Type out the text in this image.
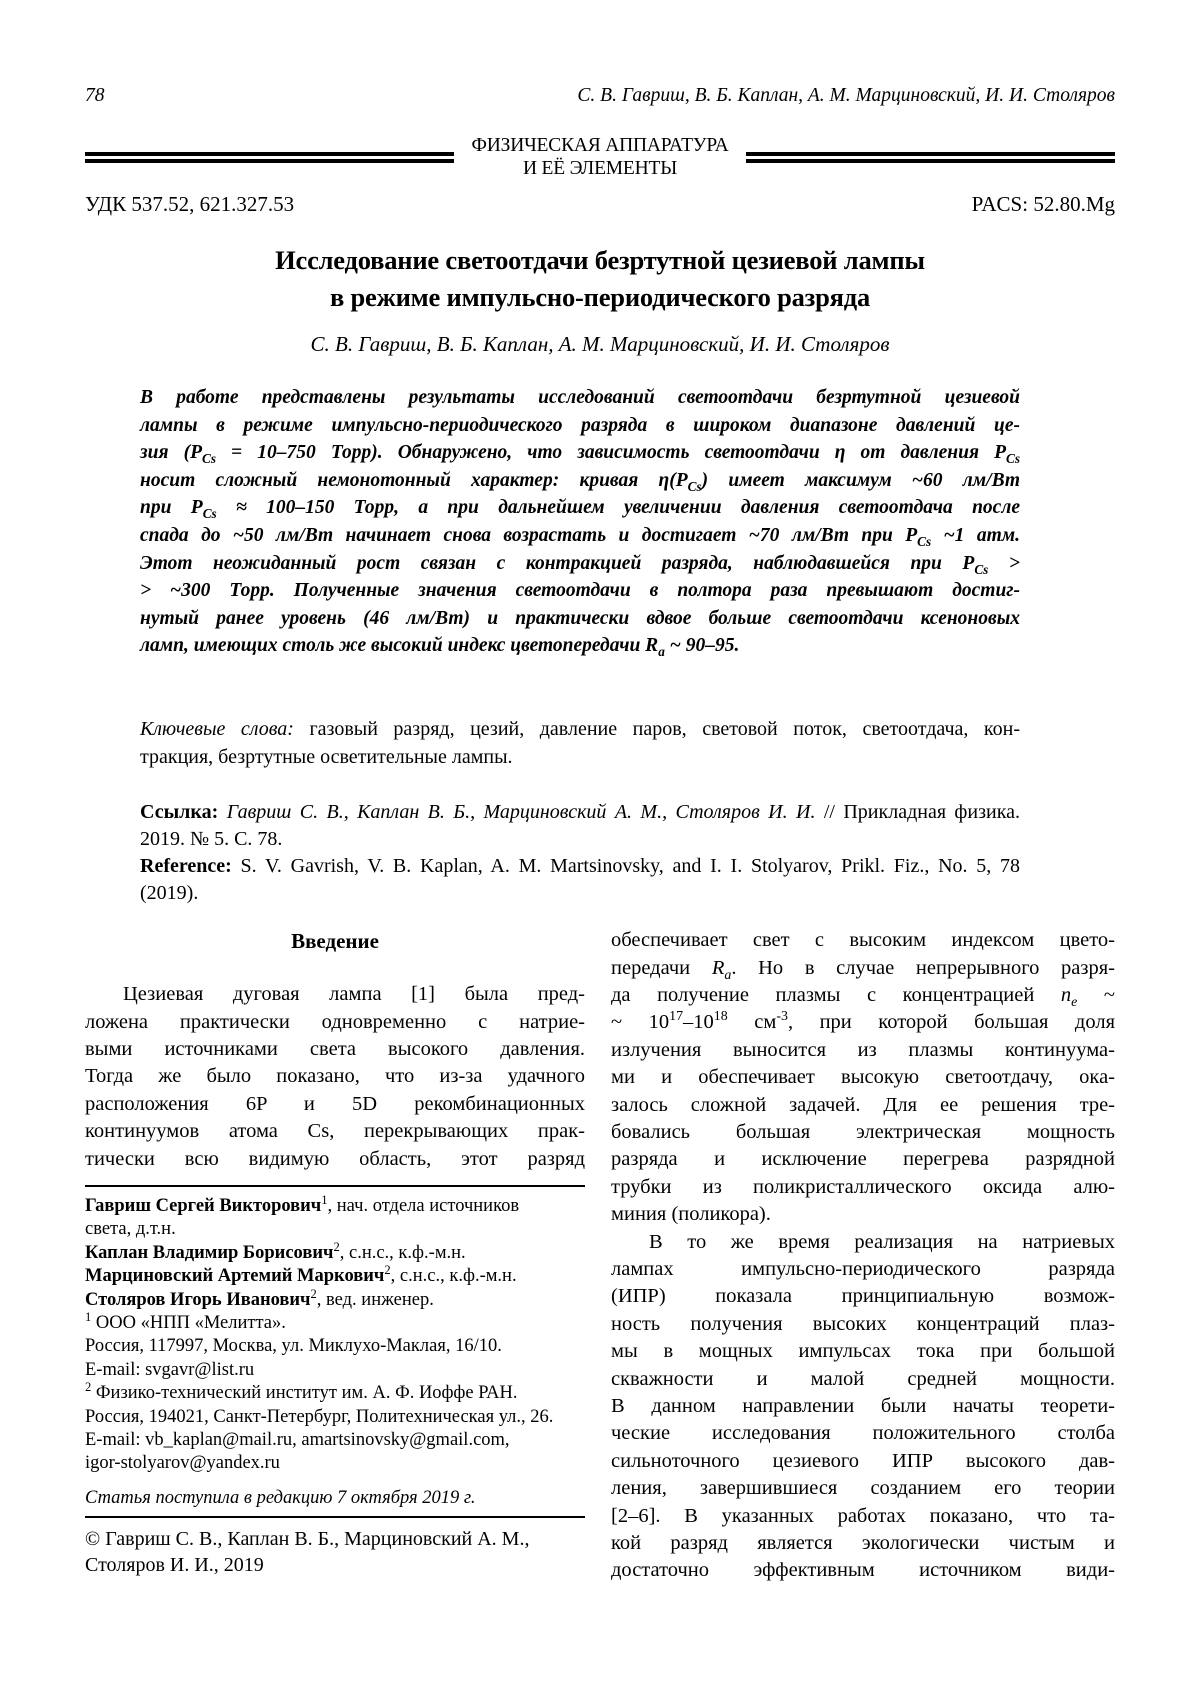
78	С. В. Гавриш, В. Б. Каплан, А. М. Марциновский, И. И. Столяров
ФИЗИЧЕСКАЯ АППАРАТУРА
И ЕЁ ЭЛЕМЕНТЫ
УДК 537.52, 621.327.53	PACS: 52.80.Mg
Исследование светоотдачи безртутной цезиевой лампы
в режиме импульсно-периодического разряда
С. В. Гавриш, В. Б. Каплан, А. М. Марциновский, И. И. Столяров
В работе представлены результаты исследований светоотдачи безртутной цезиевой
лампы в режиме импульсно-периодического разряда в широком диапазоне давлений це-
зия ($P_{Cs} = 10-750$ Торр). Обнаружено, что зависимость светоотдачи η от давления $P_{Cs}$
носит сложный немонотонный характер: кривая $\eta(P_{Cs})$ имеет максимум ~60 лм/Вт
при $P_{Cs} \approx 100-150$ Торр, а при дальнейшем увеличении давления светоотдача после
спада до ~50 лм/Вт начинает снова возрастать и достигает ~70 лм/Вт при $P_{Cs}$ ~1 атм.
Этот неожиданный рост связан с контракцией разряда, наблюдавшейся при $P_{Cs}$ >
> ~300 Торр. Полученные значения светоотдачи в полтора раза превышают достиг-
нутый ранее уровень (46 лм/Вт) и практически вдвое больше светоотдачи ксеноновых
ламп, имеющих столь же высокий индекс цветопередачи $R_a$ ~ 90–95.
Ключевые слова: газовый разряд, цезий, давление паров, световой поток, светоотдача, кон-
тракция, безртутные осветительные лампы.
Ссылка: Гавриш С. В., Каплан В. Б., Марциновский А. М., Столяров И. И. // Прикладная физика.
2019. № 5. С. 78.
Reference: S. V. Gavrish, V. B. Kaplan, A. M. Martsinovsky, and I. I. Stolyarov, Prikl. Fiz., No. 5, 78
(2019).
Введение
Цезиевая дуговая лампа [1] была пред-
ложена практически одновременно с натрие-
выми источниками света высокого давления.
Тогда же было показано, что из-за удачного
расположения 6P и 5D рекомбинационных
континуумов атома Cs, перекрывающих прак-
тически всю видимую область, этот разряд
Гавриш Сергей Викторович$^1$, нач. отдела источников
света, д.т.н.
Каплан Владимир Борисович$^2$, с.н.с., к.ф.-м.н.
Марциновский Артемий Маркович$^2$, с.н.с., к.ф.-м.н.
Столяров Игорь Иванович$^2$, вед. инженер.
$^1$ ООО «НПП «Мелитта».
Россия, 117997, Москва, ул. Миклухо-Маклая, 16/10.
E-mail: svgavr@list.ru
$^2$ Физико-технический институт им. А. Ф. Иоффе РАН.
Россия, 194021, Санкт-Петербург, Политехническая ул., 26.
E-mail: vb_kaplan@mail.ru, amartsinovsky@gmail.com,
igor-stolyarov@yandex.ru
Статья поступила в редакцию 7 октября 2019 г.
© Гавриш С. В., Каплан В. Б., Марциновский А. М.,
Столяров И. И., 2019
обеспечивает свет с высоким индексом цвето-
передачи $R_a$. Но в случае непрерывного разря-
да получение плазмы с концентрацией $n_e$ ~
~ $10^{17}-10^{18}$ $см^{-3}$, при которой большая доля
излучения выносится из плазмы континуума-
ми и обеспечивает высокую светоотдачу, ока-
залось сложной задачей. Для ее решения тре-
бовались большая электрическая мощность
разряда и исключение перегрева разрядной
трубки из поликристаллического оксида алю-
миния (поликора).
В то же время реализация на натриевых
лампах импульсно-периодического разряда
(ИПР) показала принципиальную возмож-
ность получения высоких концентраций плаз-
мы в мощных импульсах тока при большой
скважности и малой средней мощности.
В данном направлении были начаты теорети-
ческие исследования положительного столба
сильноточного цезиевого ИПР высокого дав-
ления, завершившиеся созданием его теории
[2–6]. В указанных работах показано, что та-
кой разряд является экологически чистым и
достаточно эффективным источником види-
